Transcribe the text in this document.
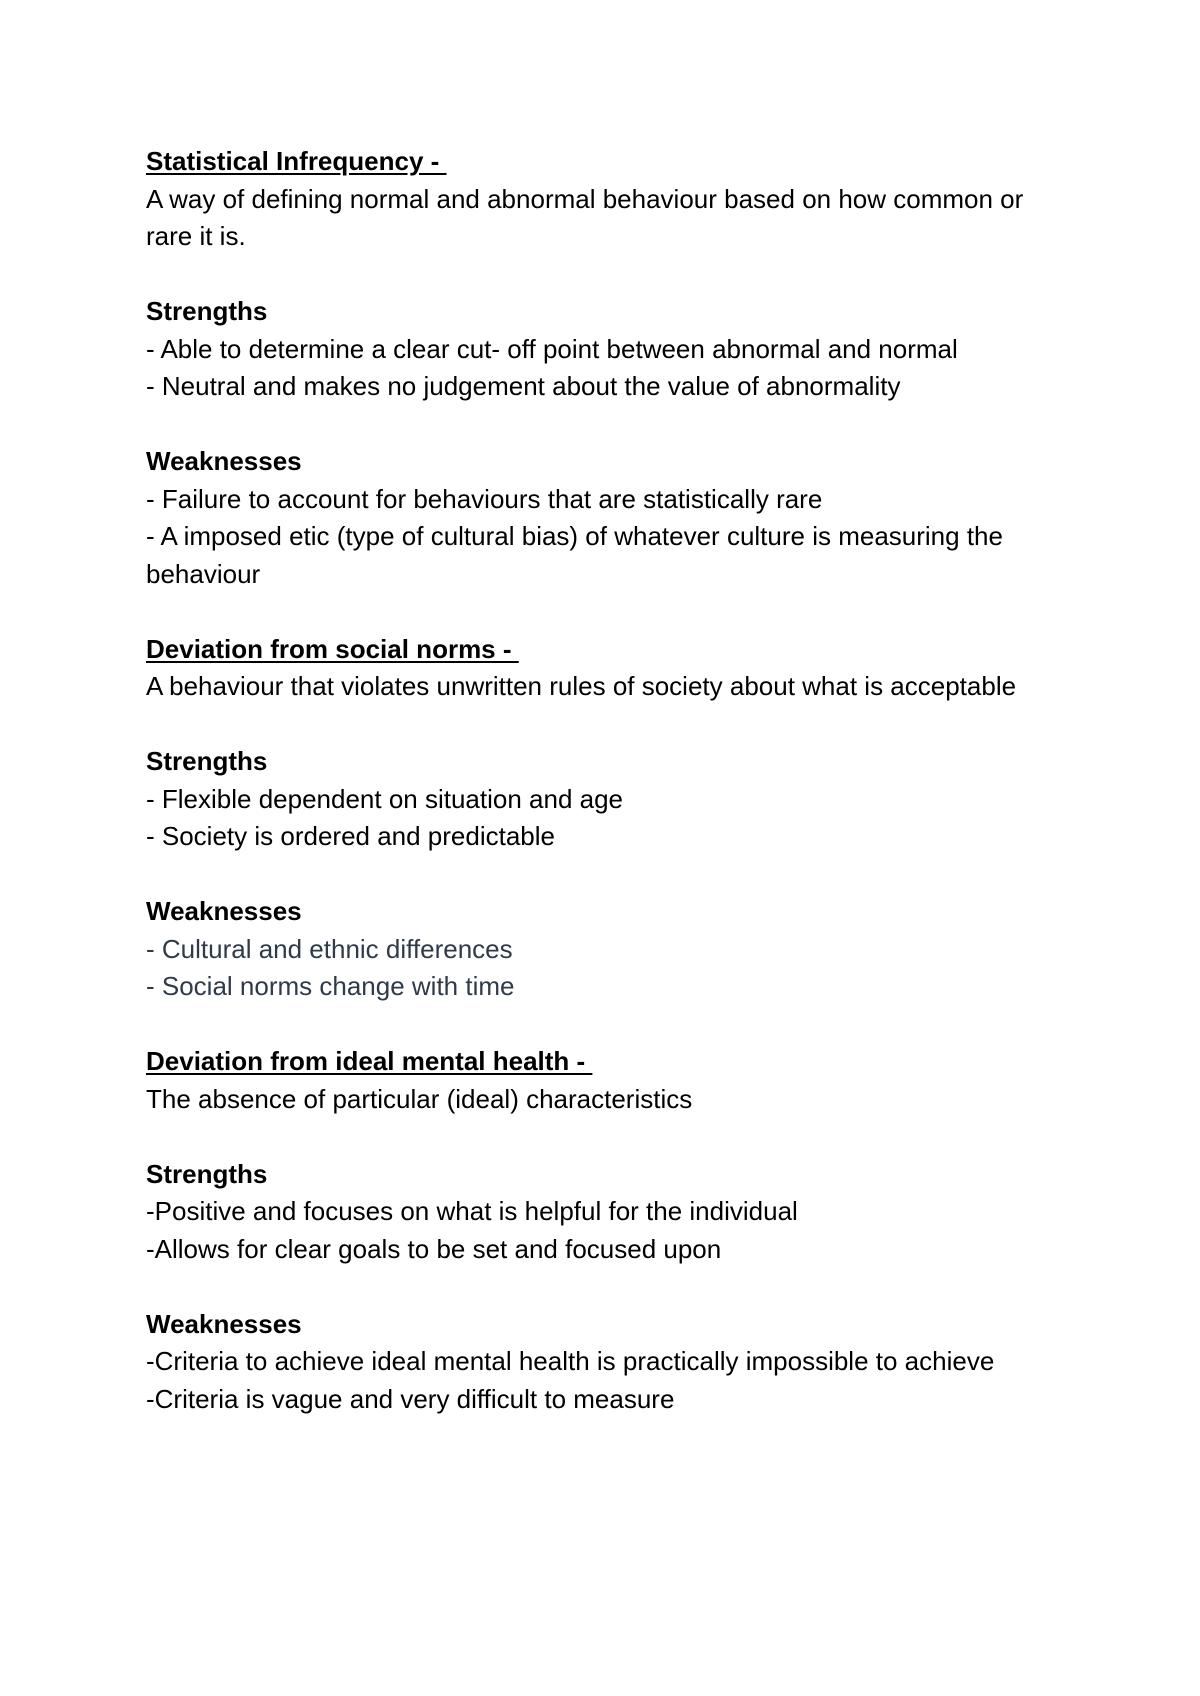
Statistical Infrequency -

A way of defining normal and abnormal behaviour based on how common or rare it is.

Strengths

- Able to determine a clear cut- off point between abnormal and normal
- Neutral and makes no judgement about the value of abnormality

Weaknesses

- Failure to account for behaviours that are statistically rare
- A imposed etic (type of cultural bias) of whatever culture is measuring the behaviour

Deviation from social norms -

A behaviour that violates unwritten rules of society about what is acceptable

Strengths

- Flexible dependent on situation and age
- Society is ordered and predictable

Weaknesses

- Cultural and ethnic differences
- Social norms change with time

Deviation from ideal mental health -

The absence of particular (ideal) characteristics

Strengths

-Positive and focuses on what is helpful for the individual
-Allows for clear goals to be set and focused upon

Weaknesses

-Criteria to achieve ideal mental health is practically impossible to achieve
-Criteria is vague and very difficult to measure
